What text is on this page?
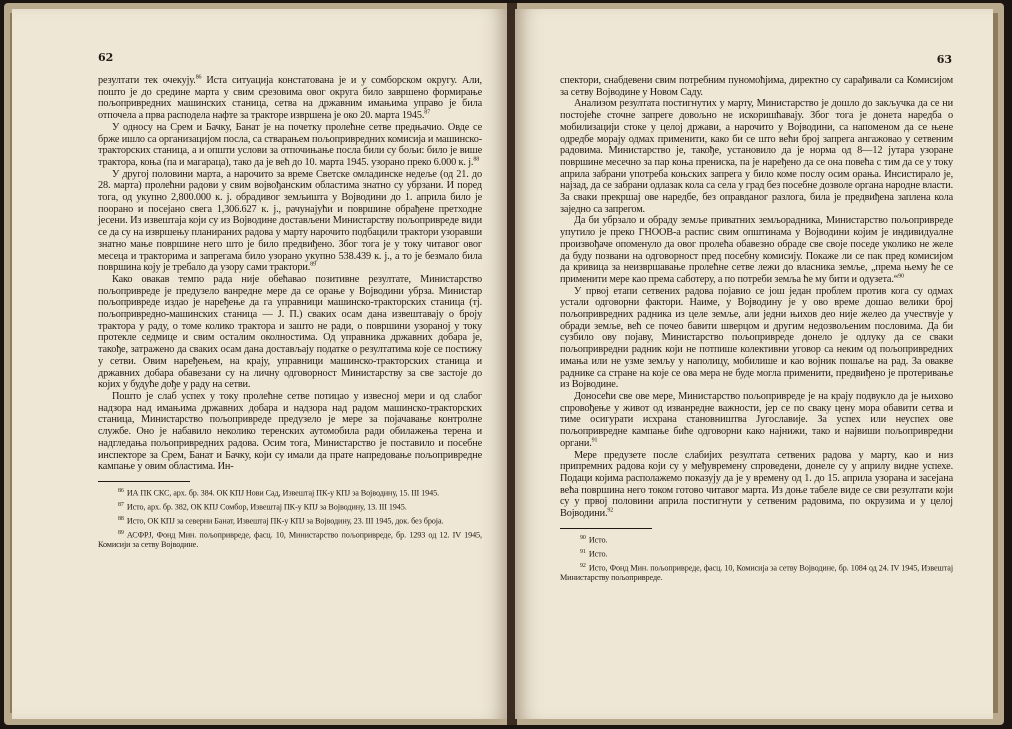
62

резултати тек очекују.$^{86}$ Иста ситуација констатована је и у сомборском округу. Али, пошто је до средине марта у свим срезовима овог округа било завршено формирање пољопривредних машинских станица, сетва на државним имањима управо је била отпочела а прва расподела нафте за тракторе извршена је око 20. марта 1945.87

У односу на Срем и Бачку, Банат је на почетку пролећне сетве предњачио. Овде се брже ишло са организацијом посла, са стварањем пољопривредних комисија и машинско-тракторских станица, а и општи услови за отпочињање посла били су бољи: било је више трактора, коња (па и магараца), тако да је већ до 10. марта 1945. узорано преко 6.000 к. ј.$^{88}$

У другој половини марта, а нарочито за време Светске омладинске недеље (од 21. до 28. марта) пролећни радови у свим војвођанским областима знатно су убрзани. И поред тога, од укупно 2,800.000 к. ј. обрадивог земљишта у Војводини до 1. априла било је поорано и посејано свега 1,306.627 к. ј., рачунајући и површине обрађене претходне јесени. Из извештаја који су из Војводине достављени Министарству пољопривреде види се да су на извршењу планираних радова у марту нарочито подбацили трактори узоравши знатно мање површине него што је било предвиђено. Због тога је у току читавог овог месеца и тракторима и запрегама било узорано укупно 538.439 к. ј., а то је безмало била површина коју је требало да узору сами трактори.$^{89}$

Како овакав темпо рада није обећавао позитивне резултате, Министарство пољопривреде је предузело ванредне мере да се орање у Војводини убрза. Министар пољопривреде издао је наређење да га управници машинско-тракторских станица (тј. пољопривредно-машинских станица — Ј. П.) сваких осам дана извештавају о броју трактора у раду, о томе колико трактора и зашто не ради, о површини узораној у току протекле седмице и свим осталим околностима. Од управника државних добара је, такође, затражено да сваких осам дана достављају податке о резултатима које се постижу у сетви. Овим наређењем, на крају, управници машинско-тракторских станица и државних добара обавезани су на личну одговорност Министарству за све застоје до којих у будуће дође у раду на сетви.

Пошто је слаб успех у току пролећне сетве потицао у извесној мери и од слабог надзора над имањима државних добара и надзора над радом машинско-тракторских станица, Министарство пољопривреде предузело је мере за појачавање контролне службе. Оно је набавило неколико теренских аутомобила ради обилажења терена и надгледања пољопривредних радова. Осим тога, Министарство је поставило и посебне инспекторе за Срем, Банат и Бачку, који су имали да прате напредовање пољопривредне кампање у овим областима. Ин-

$^{86}$ ИА ПК СКС, арх. бр. 384. ОК КПЈ Нови Сад, Извештај ПК-у КПЈ за Војводину, 15. III 1945.
$^{87}$ Исто, арх. бр. 382, ОК КПЈ Сомбор, Извештај ПК-у КПЈ за Војводину, 13. III 1945.
$^{88}$ Исто, ОК КПЈ за северни Банат, Извештај ПК-у КПЈ за Војводину, 23. III 1945, док. без броја.
$^{89}$ АСФРЈ, Фонд Мин. пољопривреде, фасц. 10, Министарство пољопривреде, бр. 1293 од 12. IV 1945, Комисији за сетву Војводине.
63

спектори, снабдевени свим потребним пуномоћјима, директно су сарађивали са Комисијом за сетву Војводине у Новом Саду.

Анализом резултата постигнутих у марту, Министарство је дошло до закључка да се ни постојеће сточне запреге довољно не искоришћавају. Због тога је донета наредба о мобилизацији стоке у целој држави, а нарочито у Војводини, са напоменом да се њене одредбе морају одмах применити, како би се што већи број запрега ангажовао у сетвеним радовима. Министарство је, такође, установило да је норма од 8—12 јутара узоране површине месечно за пар коња прениска, па је наређено да се она повећа с тим да се у току априла забрани употреба коњских запрега у било коме послу осим орања. Инсистирало је, најзад, да се забрани одлазак кола са села у град без посебне дозволе органа народне власти. За сваки прекршај ове наредбе, без оправданог разлога, била је предвиђена заплена кола заједно са запрегом.

Да би убрзало и обраду земље приватних земљорадника, Министарство пољопривреде упутило је преко ГНООВ-а распис свим општинама у Војводини којим је индивидуалне произвођаче опоменуло да овог пролећа обавезно обраде све своје поседе уколико не желе да буду позвани на одговорност пред посебну комисију. Покаже ли се пак пред комисијом да кривица за неизвршавање пролећне сетве лежи до власника земље, „према њему ће се применити мере као према саботеру, а по потреби земља ће му бити и одузета.“$^{90}$

У првој етапи сетвених радова појавио се још један проблем против кога су одмах устали одговорни фактори. Наиме, у Војводину је у ово време дошао велики број пољопривредних радника из целе земље, али једни њихов део није желео да учествује у обради земље, већ се почео бавити шверцом и другим недозвољеним пословима. Да би сузбило ову појаву, Министарство пољопривреде донело је одлуку да се сваки пољопривредни радник који не потпише колективни уговор са неким од пољопривредних имања или не узме земљу у наполицу, мобилише и као војник пошаље на рад. За овакве раднике са стране на које се ова мера не буде могла применити, предвиђено је протеривање из Војводине.

Доносећи све ове мере, Министарство пољопривреде је на крају подвукло да је њихово спровођење у живот од изванредне важности, јер се по сваку цену мора обавити сетва и тиме осигурати исхрана становништва Југославије. За успех или неуспех ове пољопривредне кампање биће одговорни како најнижи, тако и највиши пољопривредни органи.$^{91}$

Мере предузете после слабијих резултата сетвених радова у марту, као и низ припремних радова који су у међувремену спроведени, донеле су у априлу виднe успехе. Подаци којима располажемо показују да је у времену од 1. до 15. априла узорана и засејана већа површина него током готово читавог марта. Из доње табеле виде се сви резултати који су у првој половини априла постигнути у сетвеним радовима, по окрузима и у целој Војводини.$^{92}$

$^{90}$ Исто.
$^{91}$ Исто.
$^{92}$ Исто, Фонд Мин. пољопривреде, фасц. 10, Комисија за сетву Војводине, бр. 1084 од 24. IV 1945, Извештај Министарству пољопривреде.
